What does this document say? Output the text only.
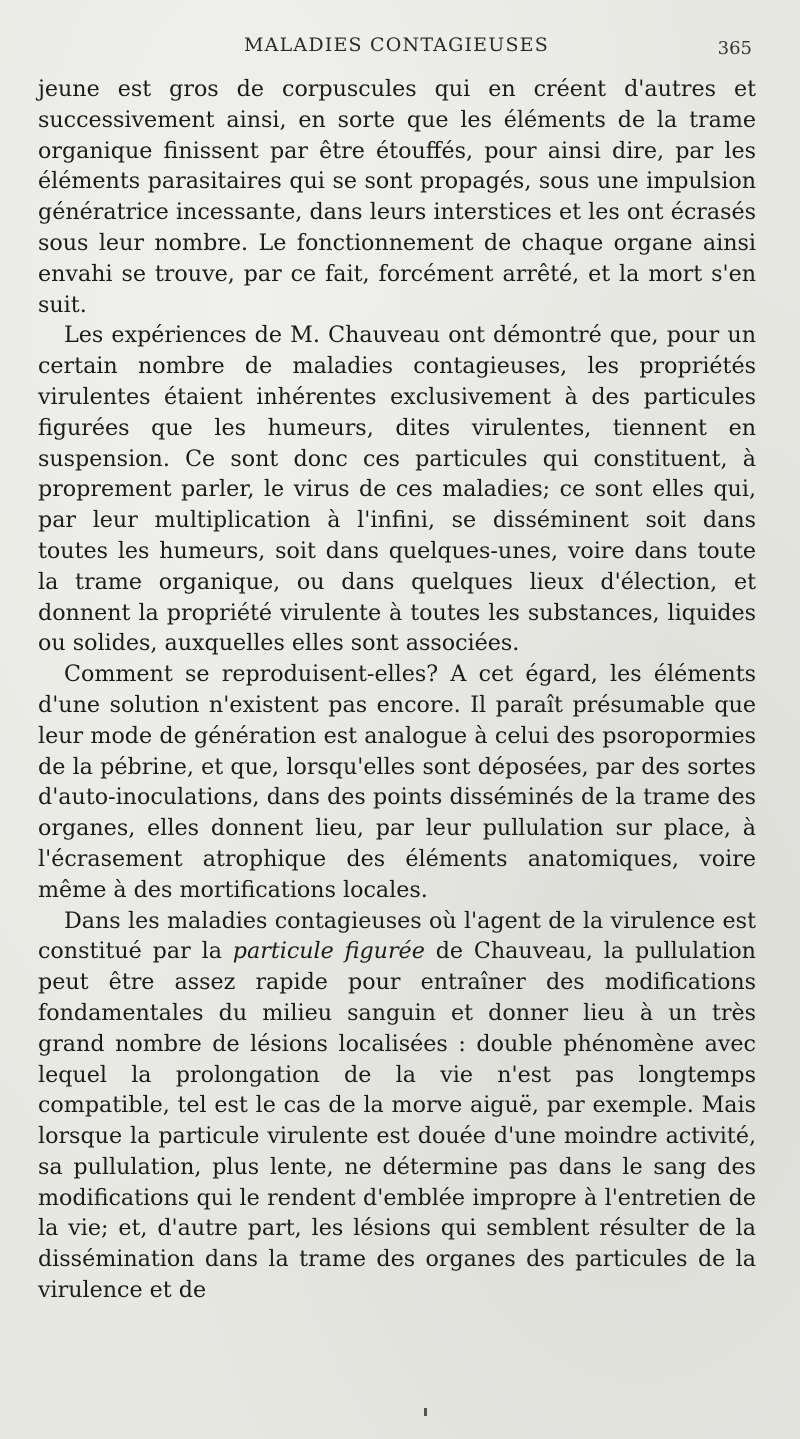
MALADIES CONTAGIEUSES	365

jeune est gros de corpuscules qui en créent d'autres et successivement ainsi, en sorte que les éléments de la trame organique finissent par être étouffés, pour ainsi dire, par les éléments parasitaires qui se sont propagés, sous une impulsion génératrice incessante, dans leurs interstices et les ont écrasés sous leur nombre. Le fonctionnement de chaque organe ainsi envahi se trouve, par ce fait, forcément arrêté, et la mort s'en suit.

Les expériences de M. Chauveau ont démontré que, pour un certain nombre de maladies contagieuses, les propriétés virulentes étaient inhérentes exclusivement à des particules figurées que les humeurs, dites virulentes, tiennent en suspension. Ce sont donc ces particules qui constituent, à proprement parler, le virus de ces maladies; ce sont elles qui, par leur multiplication à l'infini, se disséminent soit dans toutes les humeurs, soit dans quelques-unes, voire dans toute la trame organique, ou dans quelques lieux d'élection, et donnent la propriété virulente à toutes les substances, liquides ou solides, auxquelles elles sont associées.

Comment se reproduisent-elles? A cet égard, les éléments d'une solution n'existent pas encore. Il paraît présumable que leur mode de génération est analogue à celui des psoropormies de la pébrine, et que, lorsqu'elles sont déposées, par des sortes d'auto-inoculations, dans des points disséminés de la trame des organes, elles donnent lieu, par leur pullulation sur place, à l'écrasement atrophique des éléments anatomiques, voire même à des mortifications locales.

Dans les maladies contagieuses où l'agent de la virulence est constitué par la particule figurée de Chauveau, la pullulation peut être assez rapide pour entraîner des modifications fondamentales du milieu sanguin et donner lieu à un très grand nombre de lésions localisées : double phénomène avec lequel la prolongation de la vie n'est pas longtemps compatible, tel est le cas de la morve aiguë, par exemple. Mais lorsque la particule virulente est douée d'une moindre activité, sa pullulation, plus lente, ne détermine pas dans le sang des modifications qui le rendent d'emblée impropre à l'entretien de la vie; et, d'autre part, les lésions qui semblent résulter de la dissémination dans la trame des organes des particules de la virulence et de
